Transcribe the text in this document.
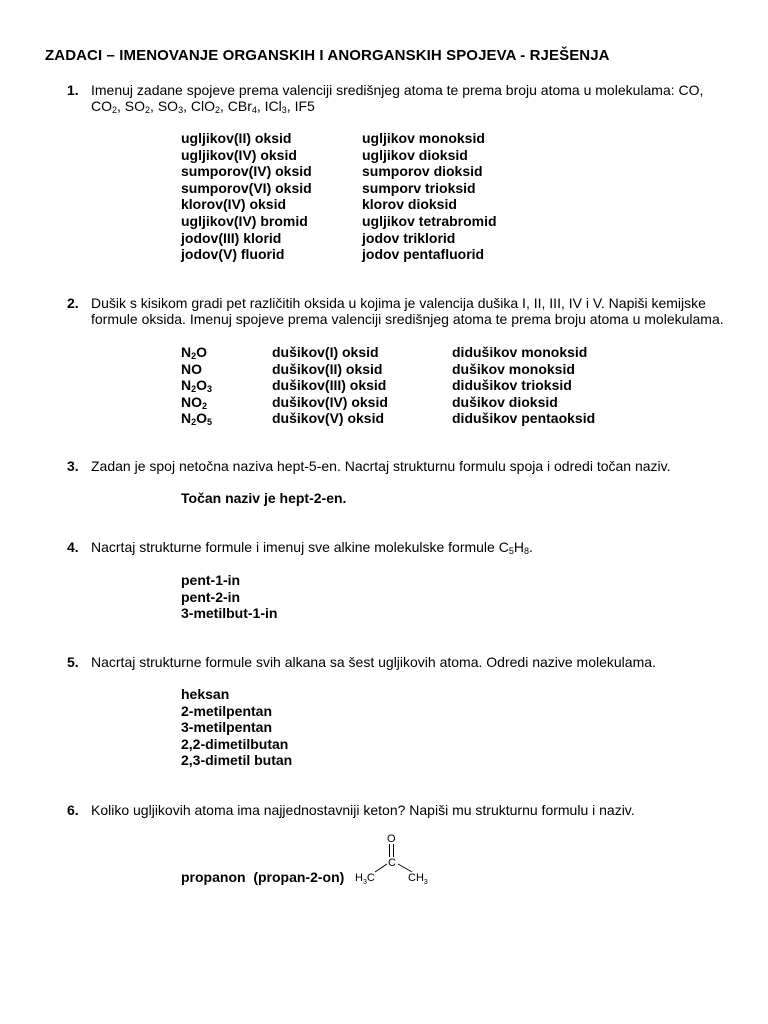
ZADACI – IMENOVANJE ORGANSKIH I ANORGANSKIH SPOJEVA - RJEŠENJA
1. Imenuj zadane spojeve prema valenciji središnjeg atoma te prema broju atoma u molekulama: CO,
$CO_2$, $SO_2$, $SO_3$, ClO$_2$, CBr$_4$, ICl$_3$, IF5
ugljikov(II) oksid
ugljikov(IV) oksid
sumporov(IV) oksid
sumporov(VI) oksid
klorov(IV) oksid
ugljikov(IV) bromid
jodov(III) klorid
jodov(V) fluorid
ugljikov monoksid
ugljikov dioksid
sumporov dioksid
sumporv trioksid
klorov dioksid
ugljikov tetrabromid
jodov triklorid
jodov pentafluorid
2. Dušik s kisikom gradi pet različitih oksida u kojima je valencija dušika I, II, III, IV i V. Napiši kemijske
formule oksida. Imenuj spojeve prema valenciji središnjeg atoma te prema broju atoma u molekulama.
$N_2O$
NO
$N_2O_3$
$NO_2$
$N_2O_5$
dušikov(I) oksid
dušikov(II) oksid
dušikov(III) oksid
dušikov(IV) oksid
dušikov(V) oksid
didušikov monoksid
dušikov monoksid
didušikov trioksid
dušikov dioksid
didušikov pentaoksid
3. Zadan je spoj netočna naziva hept-5-en. Nacrtaj strukturnu formulu spoja i odredi točan naziv.
Točan naziv je hept-2-en.
4. Nacrtaj strukturne formule i imenuj sve alkine molekulske formule $C_5H_8$.
pent-1-in
pent-2-in
3-metilbut-1-in
5. Nacrtaj strukturne formule svih alkana sa šest ugljikovih atoma. Odredi nazive molekulama.
heksan
2-metilpentan
3-metilpentan
2,2-dimetilbutan
2,3-dimetil butan
6. Koliko ugljikovih atoma ima najjednostavniji keton? Napiši mu strukturnu formulu i naziv.
propanon  (propan-2-on)
O
C
$H_3C$	$CH_3$
